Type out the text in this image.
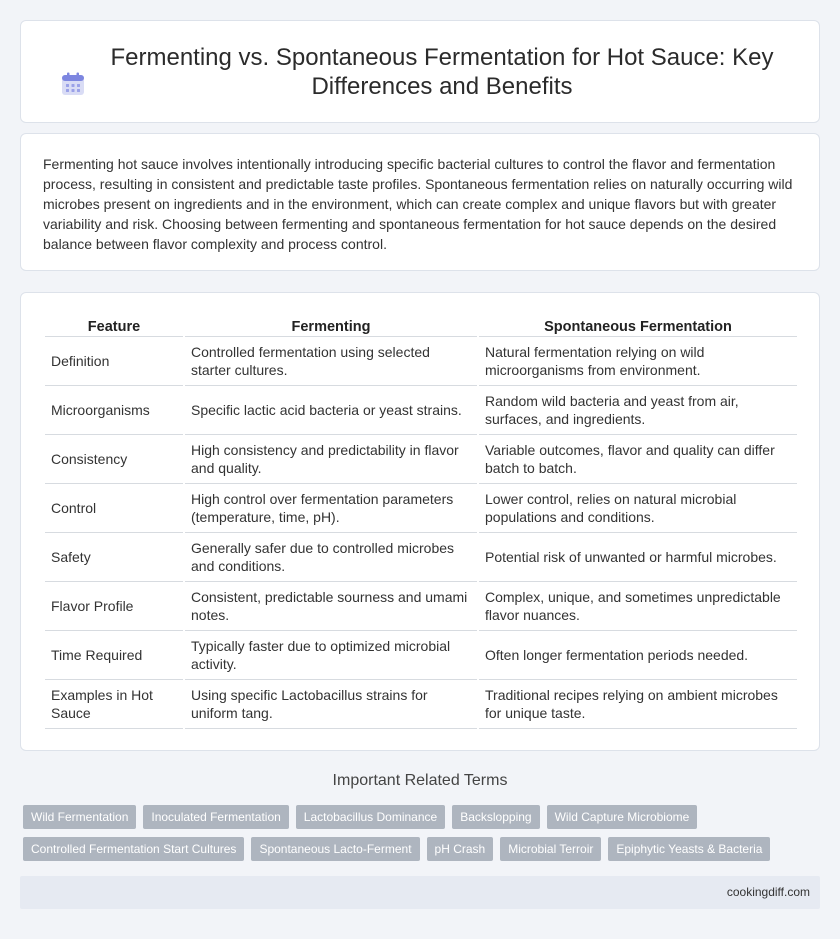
Fermenting vs. Spontaneous Fermentation for Hot Sauce: Key Differences and Benefits

Fermenting hot sauce involves intentionally introducing specific bacterial cultures to control the flavor and fermentation process, resulting in consistent and predictable taste profiles. Spontaneous fermentation relies on naturally occurring wild microbes present on ingredients and in the environment, which can create complex and unique flavors but with greater variability and risk. Choosing between fermenting and spontaneous fermentation for hot sauce depends on the desired balance between flavor complexity and process control.

Feature	Fermenting	Spontaneous Fermentation
Definition	Controlled fermentation using selected starter cultures.	Natural fermentation relying on wild microorganisms from environment.
Microorganisms	Specific lactic acid bacteria or yeast strains.	Random wild bacteria and yeast from air, surfaces, and ingredients.
Consistency	High consistency and predictability in flavor and quality.	Variable outcomes, flavor and quality can differ batch to batch.
Control	High control over fermentation parameters (temperature, time, pH).	Lower control, relies on natural microbial populations and conditions.
Safety	Generally safer due to controlled microbes and conditions.	Potential risk of unwanted or harmful microbes.
Flavor Profile	Consistent, predictable sourness and umami notes.	Complex, unique, and sometimes unpredictable flavor nuances.
Time Required	Typically faster due to optimized microbial activity.	Often longer fermentation periods needed.
Examples in Hot Sauce	Using specific Lactobacillus strains for uniform tang.	Traditional recipes relying on ambient microbes for unique taste.
Important Related Terms
Wild Fermentation	Inoculated Fermentation	Lactobacillus Dominance	Backslopping	Wild Capture Microbiome
Controlled Fermentation Start Cultures	Spontaneous Lacto-Ferment	pH Crash	Microbial Terroir	Epiphytic Yeasts & Bacteria
cookingdiff.com
